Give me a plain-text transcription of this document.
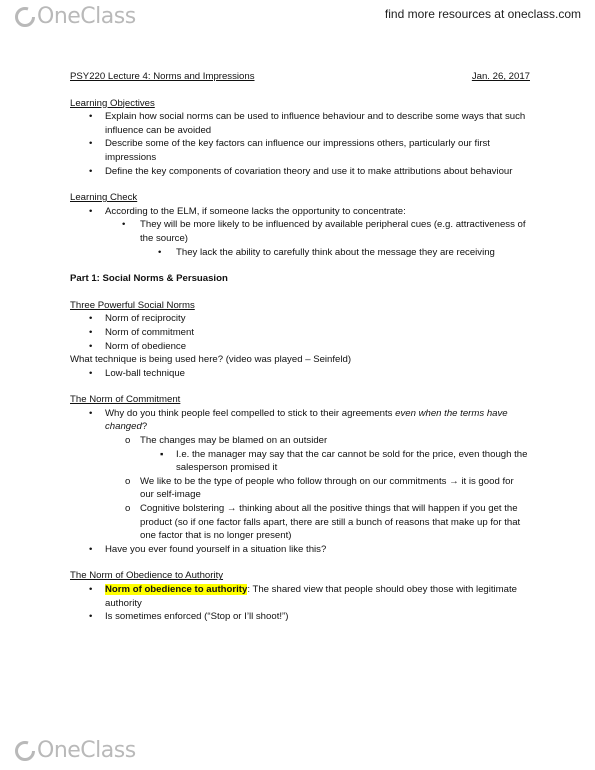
OneClass	find more resources at oneclass.com
PSY220 Lecture 4: Norms and Impressions	Jan. 26, 2017
Learning Objectives
• Explain how social norms can be used to influence behaviour and to describe some ways that such influence can be avoided
• Describe some of the key factors can influence our impressions others, particularly our first impressions
• Define the key components of covariation theory and use it to make attributions about behaviour
Learning Check
• According to the ELM, if someone lacks the opportunity to concentrate:
• They will be more likely to be influenced by available peripheral cues (e.g. attractiveness of the source)
• They lack the ability to carefully think about the message they are receiving
Part 1: Social Norms & Persuasion
Three Powerful Social Norms
• Norm of reciprocity
• Norm of commitment
• Norm of obedience
What technique is being used here? (video was played – Seinfeld)
• Low-ball technique
The Norm of Commitment
• Why do you think people feel compelled to stick to their agreements even when the terms have changed?
o The changes may be blamed on an outsider
▪ I.e. the manager may say that the car cannot be sold for the price, even though the salesperson promised it
o We like to be the type of people who follow through on our commitments → it is good for our self-image
o Cognitive bolstering → thinking about all the positive things that will happen if you get the product (so if one factor falls apart, there are still a bunch of reasons that make up for that one factor that is no longer present)
• Have you ever found yourself in a situation like this?
The Norm of Obedience to Authority
• Norm of obedience to authority: The shared view that people should obey those with legitimate authority
• Is sometimes enforced (“Stop or I’ll shoot!”)
OneClass
